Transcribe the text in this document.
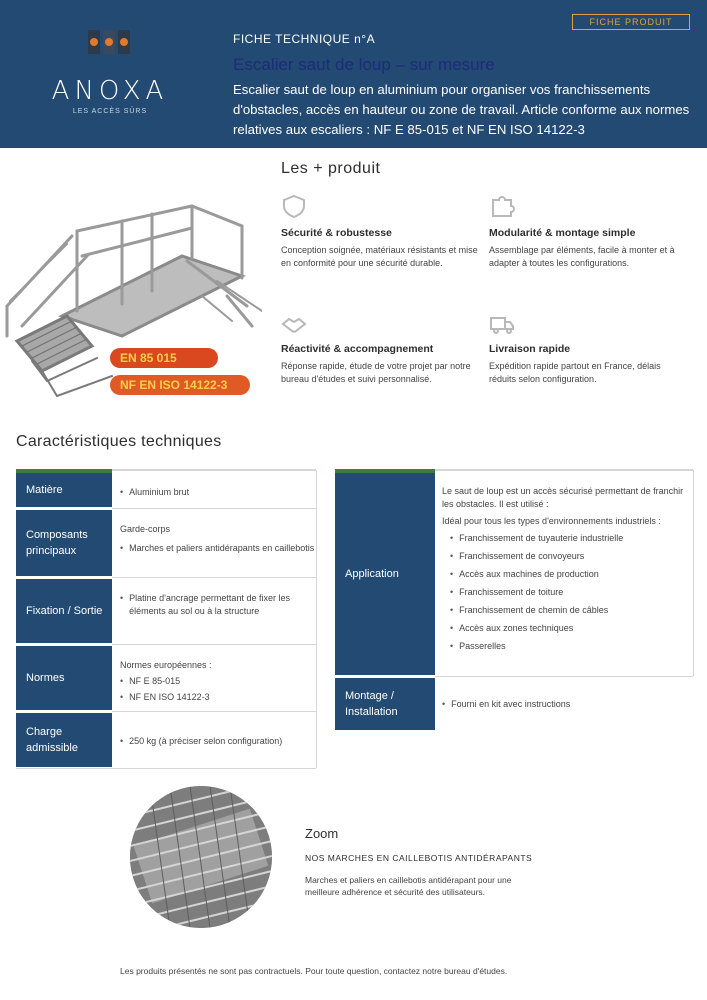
ANOXA
LES ACCÈS SÛRS
FICHE PRODUIT
FICHE TECHNIQUE n°A
Escalier saut de loup – sur mesure
Escalier saut de loup en aluminium pour organiser vos franchissements d'obstacles, accès en hauteur ou zone de travail. Article conforme aux normes relatives aux escaliers : NF E 85-015 et NF EN ISO 14122-3
EN 85 015
NF EN ISO 14122-3
Les + produit
Sécurité & robustesse
Conception soignée, matériaux résistants et mise en conformité pour une sécurité durable.
Modularité & montage simple
Assemblage par éléments, facile à monter et à adapter à toutes les configurations.
Réactivité & accompagnement
Réponse rapide, étude de votre projet par notre bureau d'études et suivi personnalisé.
Livraison rapide
Expédition rapide partout en France, délais réduits selon configuration.
Caractéristiques techniques
Matière
•	Aluminium brut
Composants principaux
Garde-corps
• Marches et paliers antidérapants en caillebotis
Fixation / Sortie
• Platine d'ancrage permettant de fixer les éléments au sol ou à la structure
Normes
Normes européennes :
• NF E 85-015
• NF EN ISO 14122-3
Charge admissible
• 250 kg (à préciser selon configuration)
Application
Le saut de loup est un accès sécurisé permettant de franchir les obstacles. Il est utilisé :
Idéal pour tous les types d'environnements industriels :
• Franchissement de tuyauterie industrielle
• Franchissement de convoyeurs
• Accès aux machines de production
• Franchissement de toiture
• Franchissement de chemin de câbles
• Accès aux zones techniques
• Passerelles
Montage / Installation
• Fourni en kit avec instructions
Zoom
NOS MARCHES EN CAILLEBOTIS ANTIDÉRAPANTS
Marches et paliers en caillebotis antidérapant pour une meilleure adhérence et sécurité des utilisateurs.
Les produits présentés ne sont pas contractuels. Pour toute question, contactez notre bureau d'études.
